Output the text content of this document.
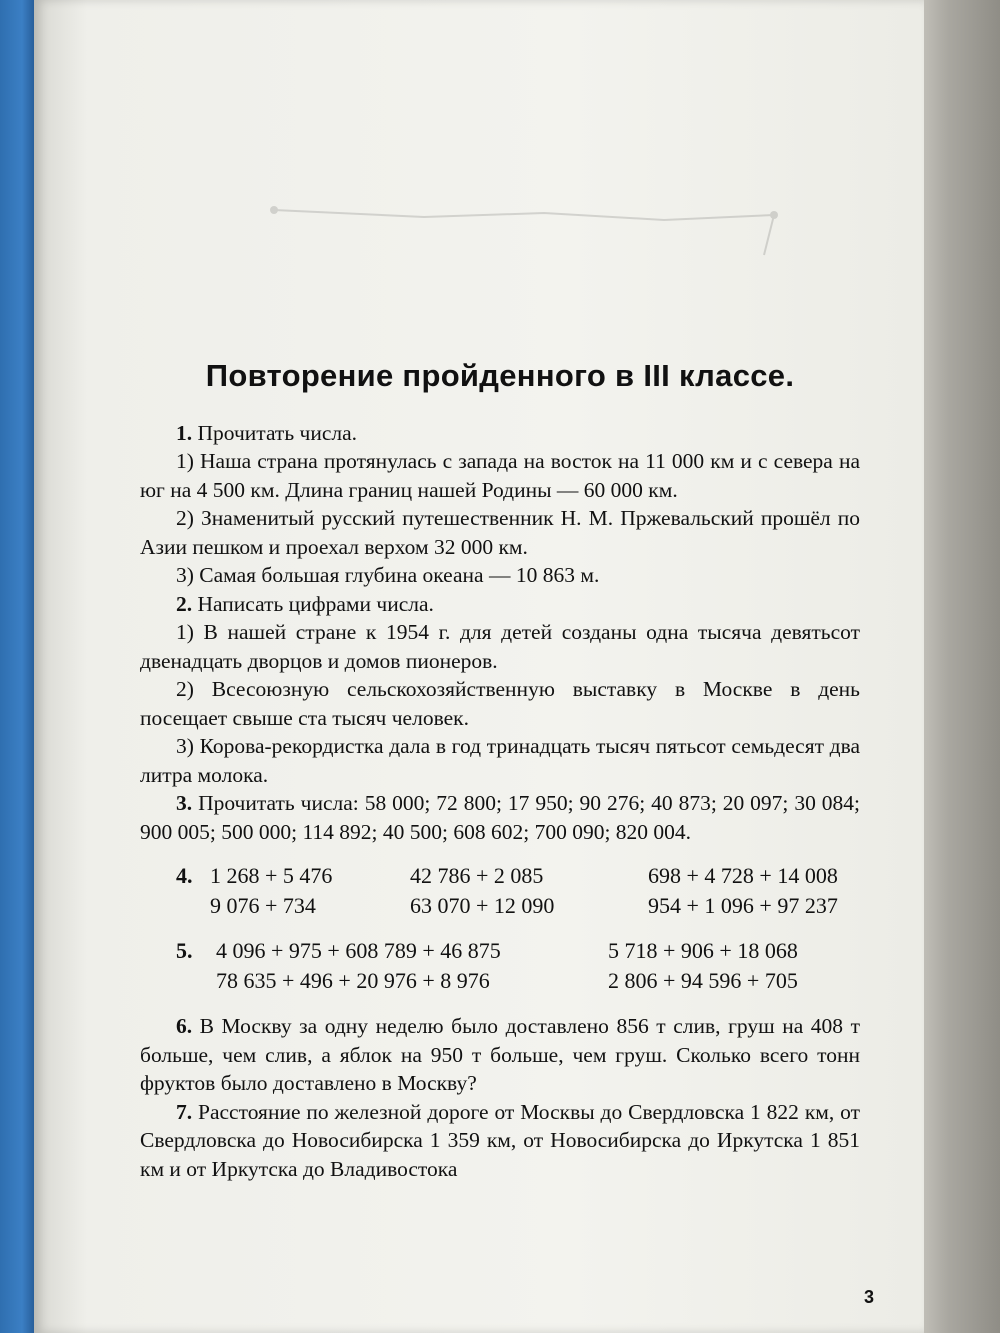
Повторение пройденного в III классе.

1. Прочитать числа.

1) Наша страна протянулась с запада на восток на 11 000 км и с севера на юг на 4 500 км. Длина границ нашей Родины — 60 000 км.

2) Знаменитый русский путешественник Н. М. Пржевальский прошёл по Азии пешком и проехал верхом 32 000 км.

3) Самая большая глубина океана — 10 863 м.

2. Написать цифрами числа.

1) В нашей стране к 1954 г. для детей созданы одна тысяча девятьсот двенадцать дворцов и домов пионеров.

2) Всесоюзную сельскохозяйственную выставку в Москве в день посещает свыше ста тысяч человек.

3) Корова-рекордистка дала в год тринадцать тысяч пятьсот семьдесят два литра молока.

3. Прочитать числа: 58 000; 72 800; 17 950; 90 276; 40 873; 20 097; 30 084; 900 005; 500 000; 114 892; 40 500; 608 602; 700 090; 820 004.

4.	1 268 + 5 476	42 786 + 2 085	698 + 4 728 + 14 008
	9 076 + 734	63 070 + 12 090	954 + 1 096 + 97 237
5.	4 096 + 975 + 608 789 + 46 875	5 718 + 906 + 18 068
	78 635 + 496 + 20 976 + 8 976	2 806 + 94 596 + 705

6. В Москву за одну неделю было доставлено 856 т слив, груш на 408 т больше, чем слив, а яблок на 950 т больше, чем груш. Сколько всего тонн фруктов было доставлено в Москву?

7. Расстояние по железной дороге от Москвы до Свердловска 1 822 км, от Свердловска до Новосибирска 1 359 км, от Новосибирска до Иркутска 1 851 км и от Иркутска до Владивостока

3
